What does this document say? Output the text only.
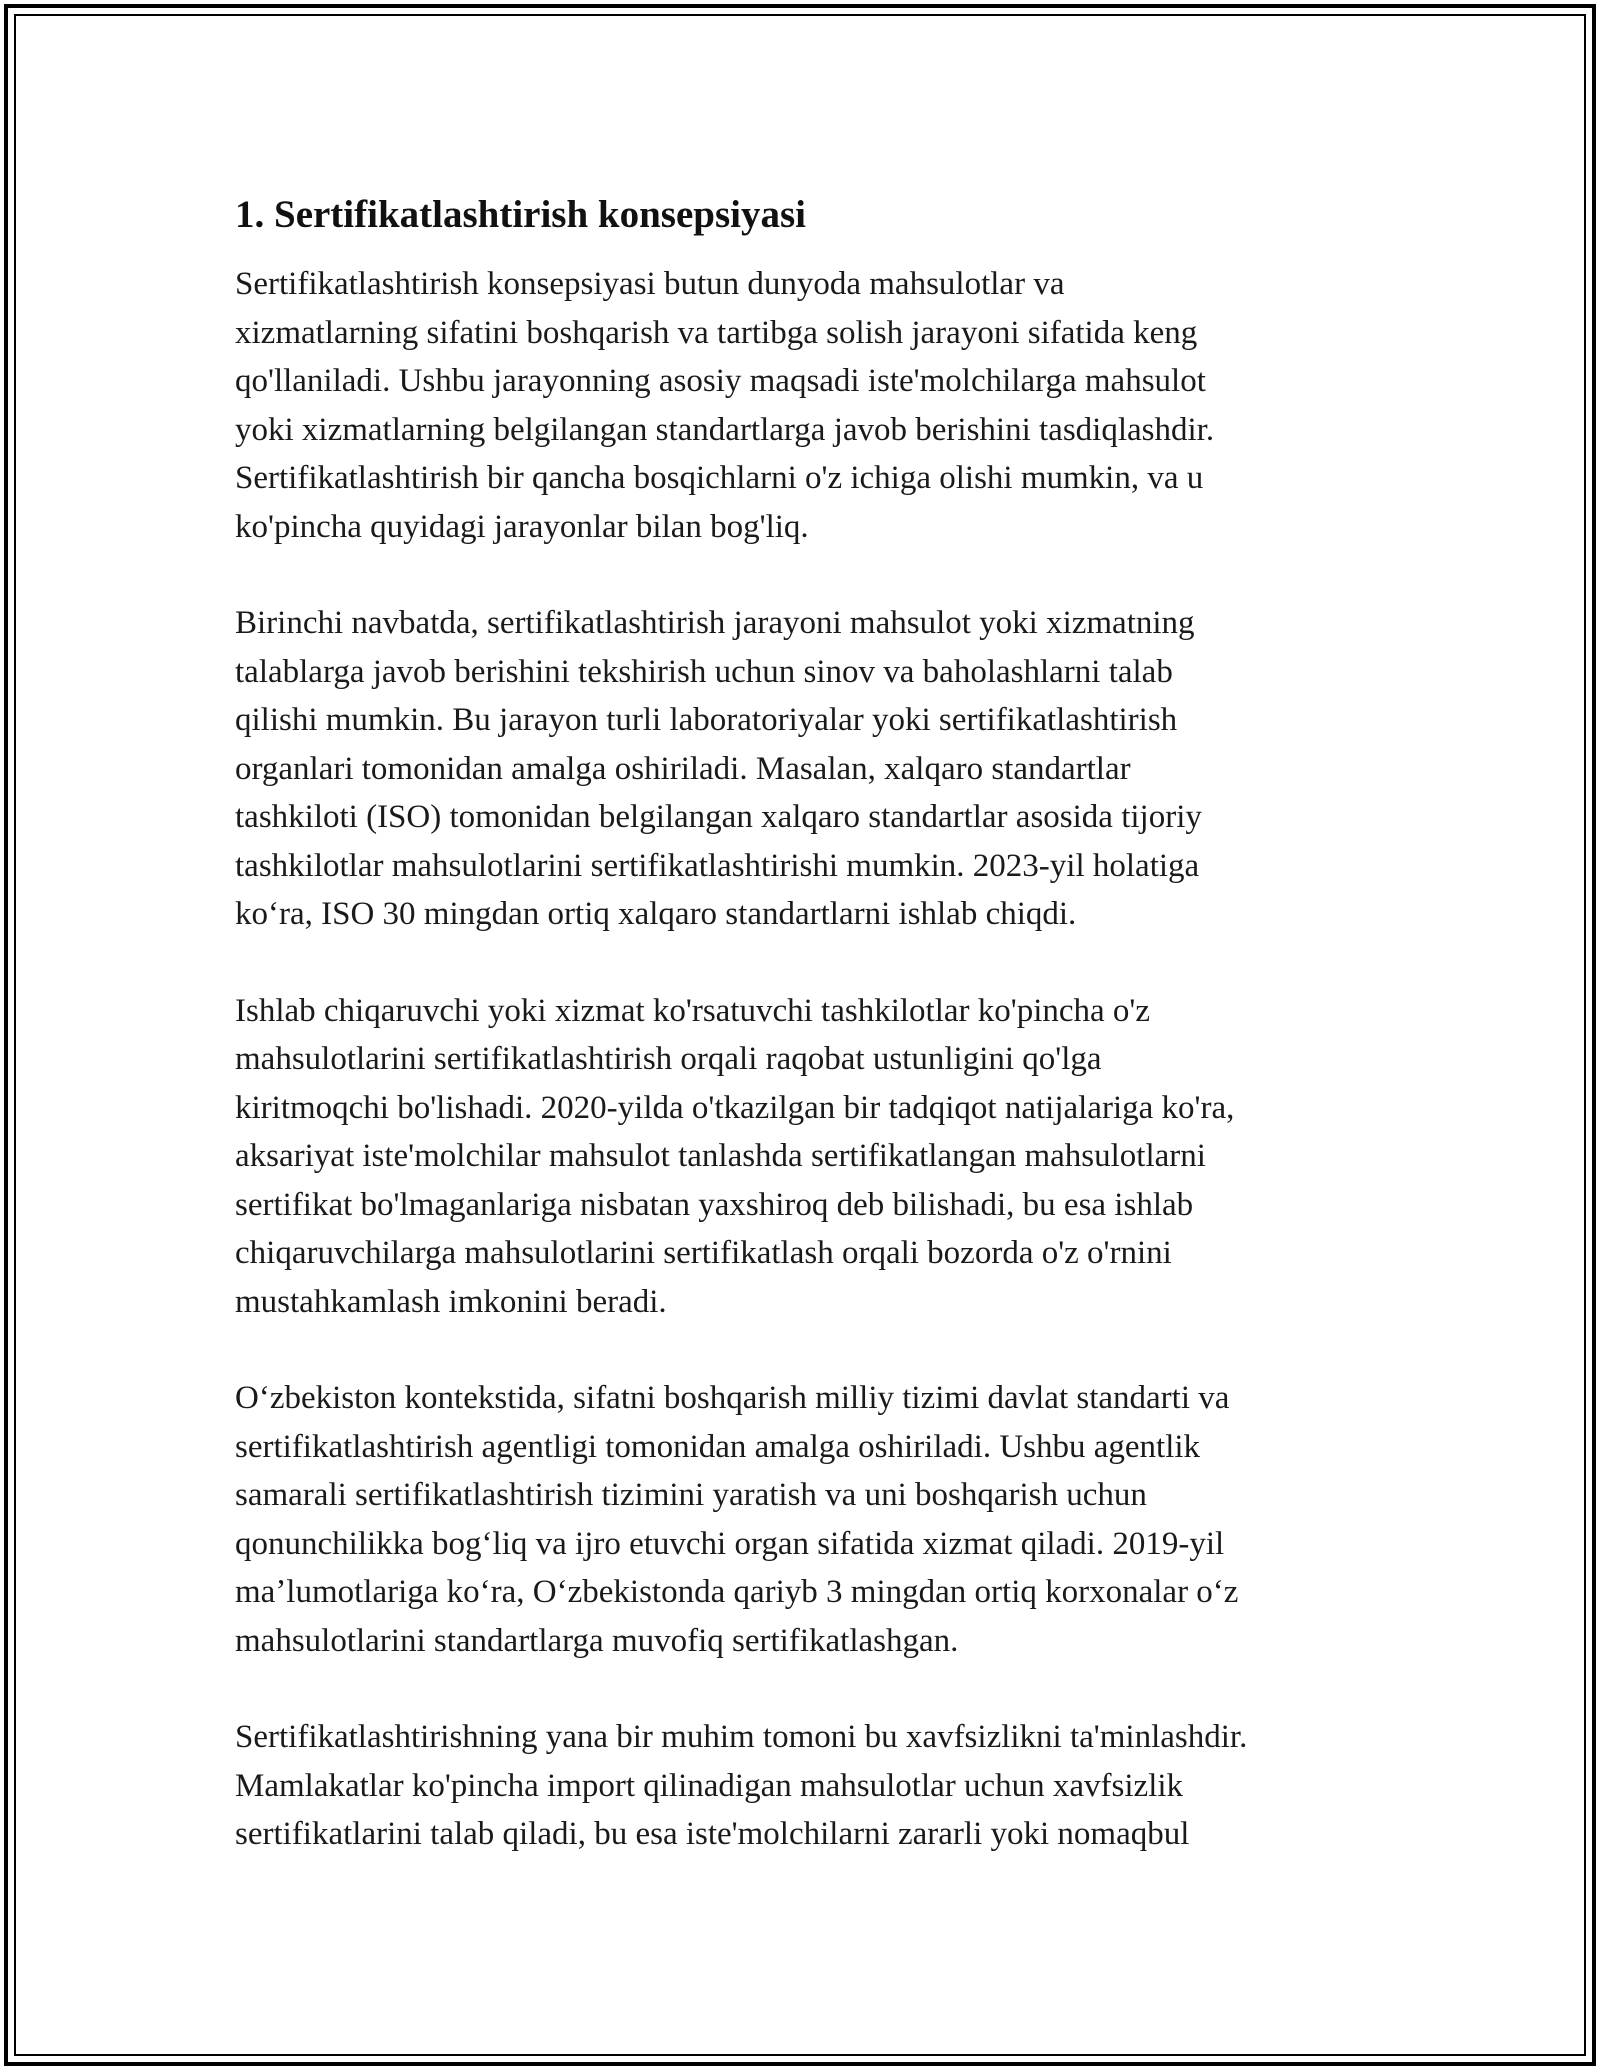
1. Sertifikatlashtirish konsepsiyasi

Sertifikatlashtirish konsepsiyasi butun dunyoda mahsulotlar va
xizmatlarning sifatini boshqarish va tartibga solish jarayoni sifatida keng
qo'llaniladi. Ushbu jarayonning asosiy maqsadi iste'molchilarga mahsulot
yoki xizmatlarning belgilangan standartlarga javob berishini tasdiqlashdir.
Sertifikatlashtirish bir qancha bosqichlarni o'z ichiga olishi mumkin, va u
ko'pincha quyidagi jarayonlar bilan bog'liq.

Birinchi navbatda, sertifikatlashtirish jarayoni mahsulot yoki xizmatning
talablarga javob berishini tekshirish uchun sinov va baholashlarni talab
qilishi mumkin. Bu jarayon turli laboratoriyalar yoki sertifikatlashtirish
organlari tomonidan amalga oshiriladi. Masalan, xalqaro standartlar
tashkiloti (ISO) tomonidan belgilangan xalqaro standartlar asosida tijoriy
tashkilotlar mahsulotlarini sertifikatlashtirishi mumkin. 2023-yil holatiga
koʻra, ISO 30 mingdan ortiq xalqaro standartlarni ishlab chiqdi.

Ishlab chiqaruvchi yoki xizmat ko'rsatuvchi tashkilotlar ko'pincha o'z
mahsulotlarini sertifikatlashtirish orqali raqobat ustunligini qo'lga
kiritmoqchi bo'lishadi. 2020-yilda o'tkazilgan bir tadqiqot natijalariga ko'ra,
aksariyat iste'molchilar mahsulot tanlashda sertifikatlangan mahsulotlarni
sertifikat bo'lmaganlariga nisbatan yaxshiroq deb bilishadi, bu esa ishlab
chiqaruvchilarga mahsulotlarini sertifikatlash orqali bozorda o'z o'rnini
mustahkamlash imkonini beradi.

Oʻzbekiston kontekstida, sifatni boshqarish milliy tizimi davlat standarti va
sertifikatlashtirish agentligi tomonidan amalga oshiriladi. Ushbu agentlik
samarali sertifikatlashtirish tizimini yaratish va uni boshqarish uchun
qonunchilikka bogʻliq va ijro etuvchi organ sifatida xizmat qiladi. 2019-yil
maʼlumotlariga koʻra, Oʻzbekistonda qariyb 3 mingdan ortiq korxonalar oʻz
mahsulotlarini standartlarga muvofiq sertifikatlashgan.

Sertifikatlashtirishning yana bir muhim tomoni bu xavfsizlikni ta'minlashdir.
Mamlakatlar ko'pincha import qilinadigan mahsulotlar uchun xavfsizlik
sertifikatlarini talab qiladi, bu esa iste'molchilarni zararli yoki nomaqbul
